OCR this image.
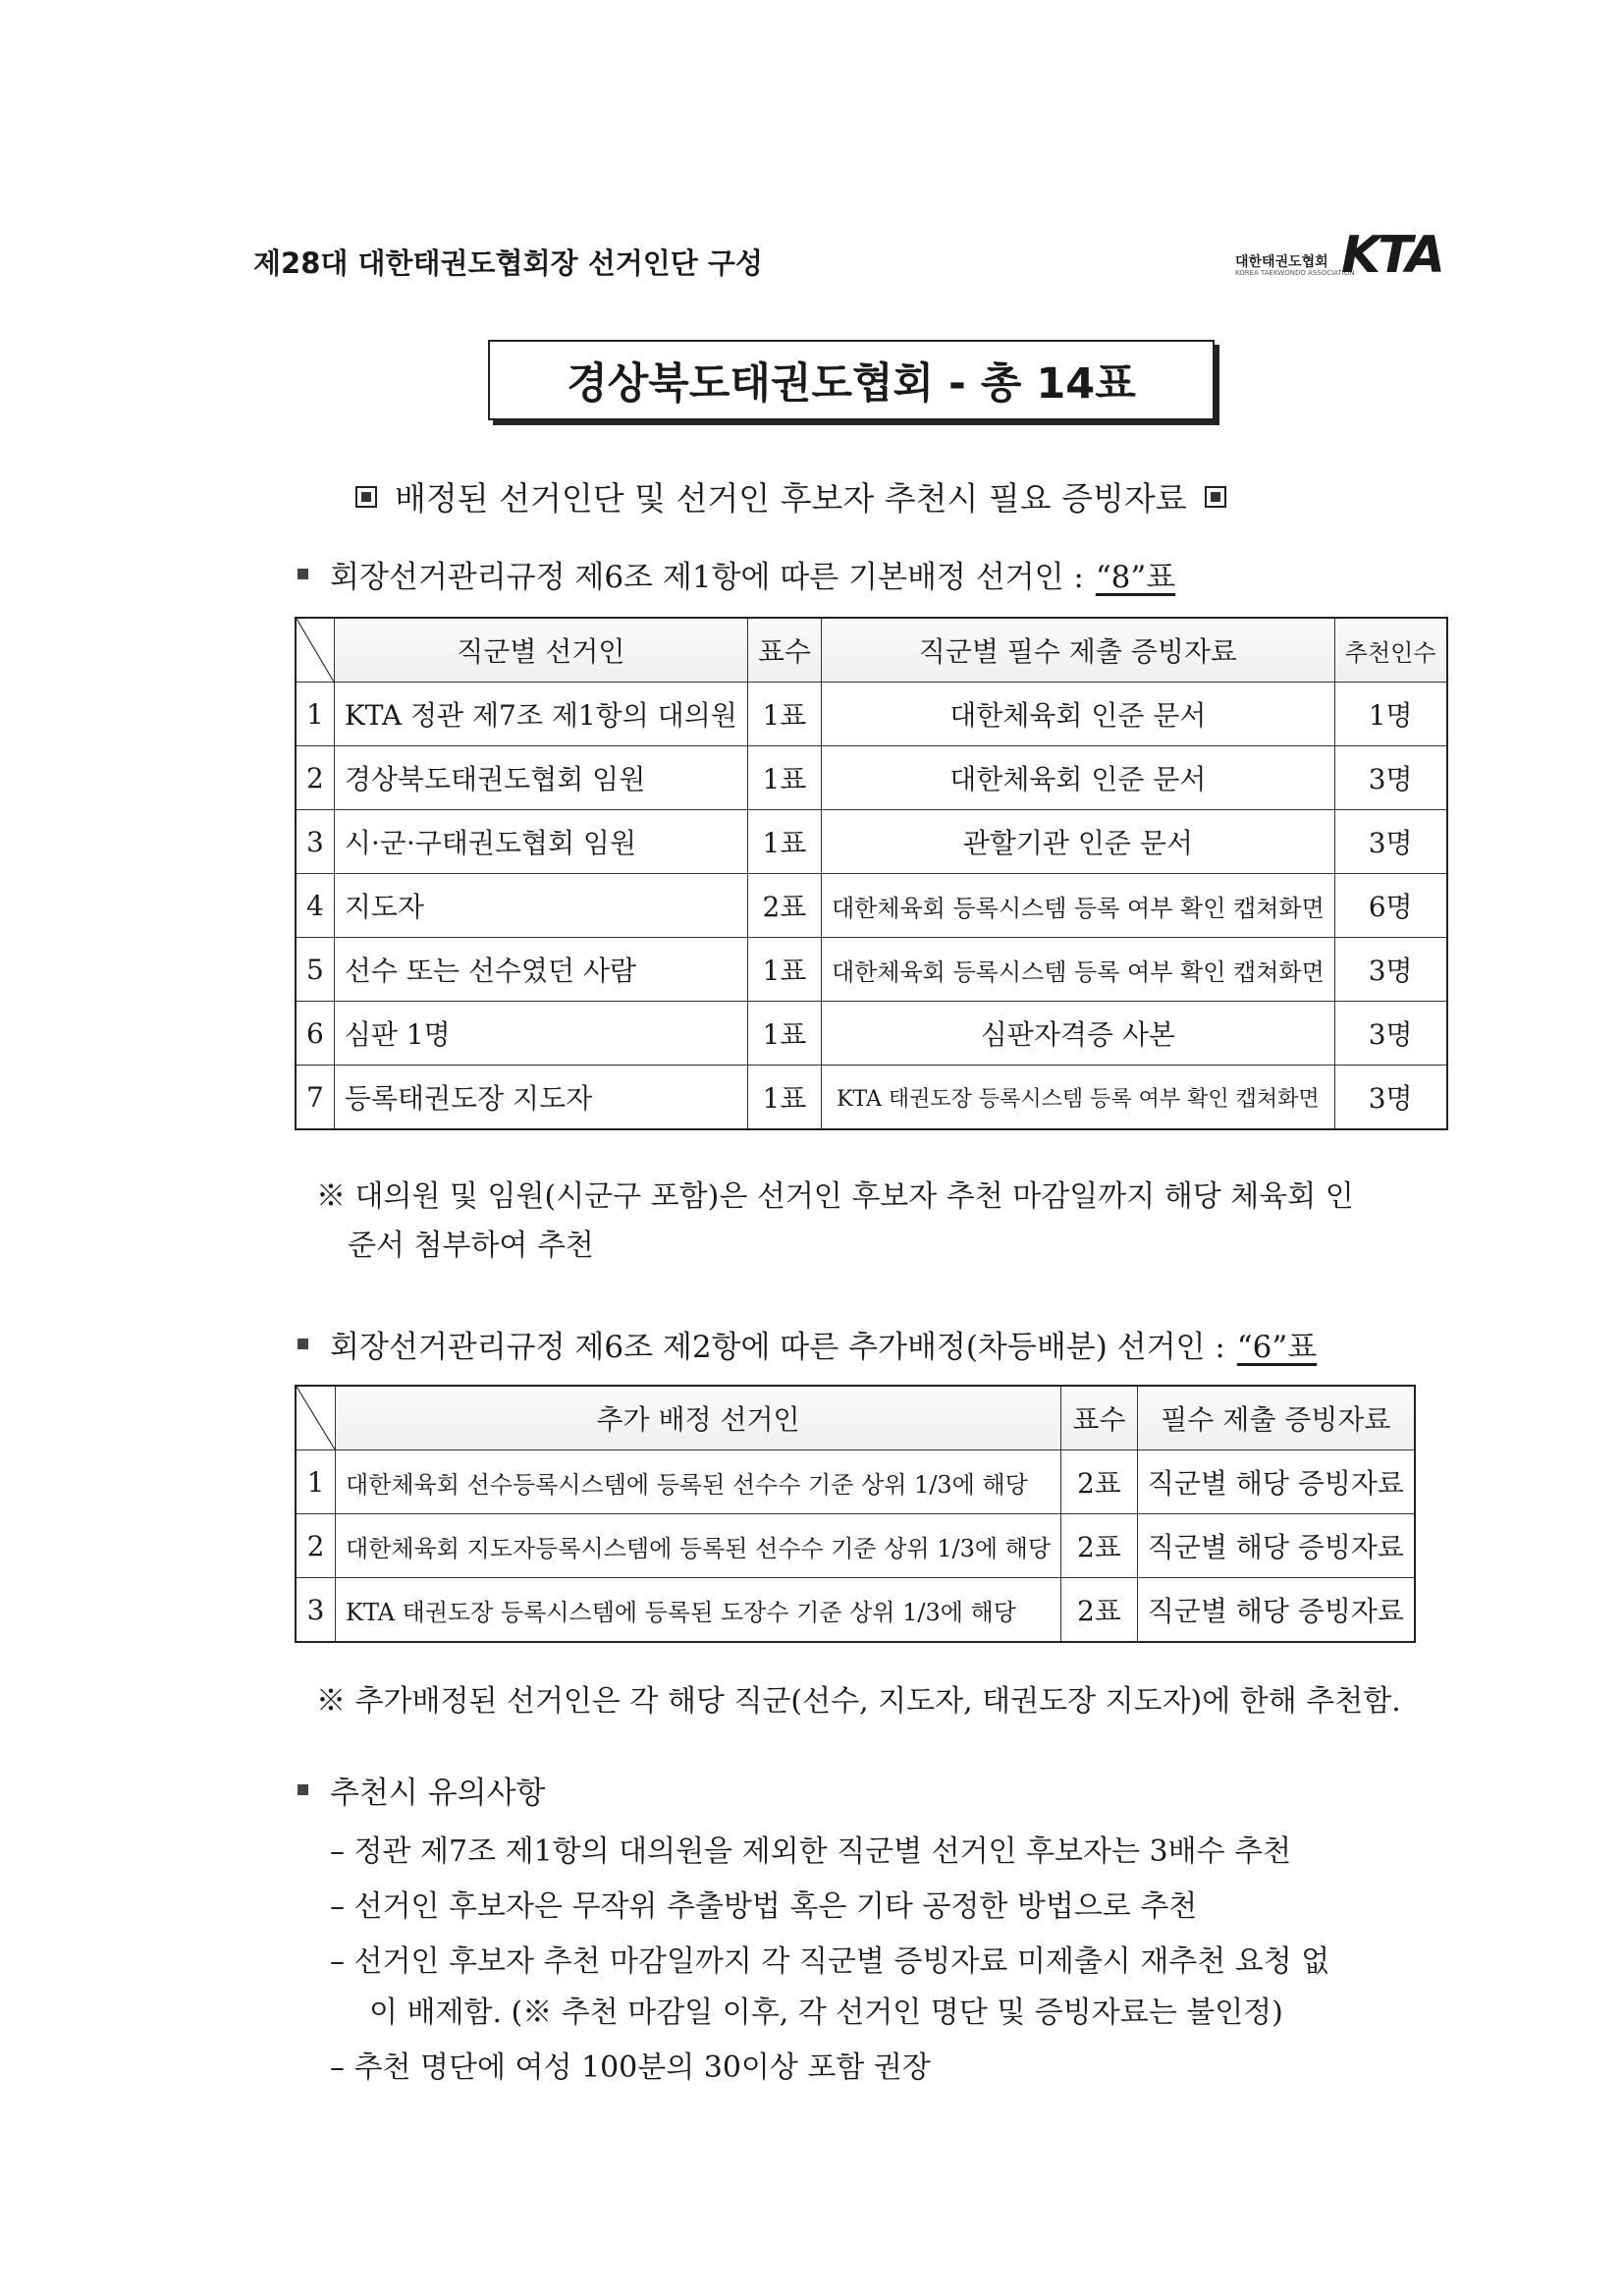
제28대 대한태권도협회장 선거인단 구성	대한태권도협회
KOREA TAEKWONDO ASSOCIATION
KTA
경상북도태권도협회 - 총 14표
배정된 선거인단 및 선거인 후보자 추천시 필요 증빙자료
회장선거관리규정 제6조 제1항에 따른 기본배정 선거인 : “8”표
	직군별 선거인	표수	직군별 필수 제출 증빙자료	추천인수
1	KTA 정관 제7조 제1항의 대의원	1표	대한체육회 인준 문서	1명
2	경상북도태권도협회 임원	1표	대한체육회 인준 문서	3명
3	시·군·구태권도협회 임원	1표	관할기관 인준 문서	3명
4	지도자	2표	대한체육회 등록시스템 등록 여부 확인 캡쳐화면	6명
5	선수 또는 선수였던 사람	1표	대한체육회 등록시스템 등록 여부 확인 캡쳐화면	3명
6	심판 1명	1표	심판자격증 사본	3명
7	등록태권도장 지도자	1표	KTA 태권도장 등록시스템 등록 여부 확인 캡쳐화면	3명
※ 대의원 및 임원(시군구 포함)은 선거인 후보자 추천 마감일까지 해당 체육회 인
준서 첨부하여 추천
회장선거관리규정 제6조 제2항에 따른 추가배정(차등배분) 선거인 : “6”표
	추가 배정 선거인	표수	필수 제출 증빙자료
1	대한체육회 선수등록시스템에 등록된 선수수 기준 상위 1/3에 해당	2표	직군별 해당 증빙자료
2	대한체육회 지도자등록시스템에 등록된 선수수 기준 상위 1/3에 해당	2표	직군별 해당 증빙자료
3	KTA 태권도장 등록시스템에 등록된 도장수 기준 상위 1/3에 해당	2표	직군별 해당 증빙자료
※ 추가배정된 선거인은 각 해당 직군(선수, 지도자, 태권도장 지도자)에 한해 추천함.
추천시 유의사항
– 정관 제7조 제1항의 대의원을 제외한 직군별 선거인 후보자는 3배수 추천
– 선거인 후보자은 무작위 추출방법 혹은 기타 공정한 방법으로 추천
– 선거인 후보자 추천 마감일까지 각 직군별 증빙자료 미제출시 재추천 요청 없
이 배제함. (※ 추천 마감일 이후, 각 선거인 명단 및 증빙자료는 불인정)
– 추천 명단에 여성 100분의 30이상 포함 권장
